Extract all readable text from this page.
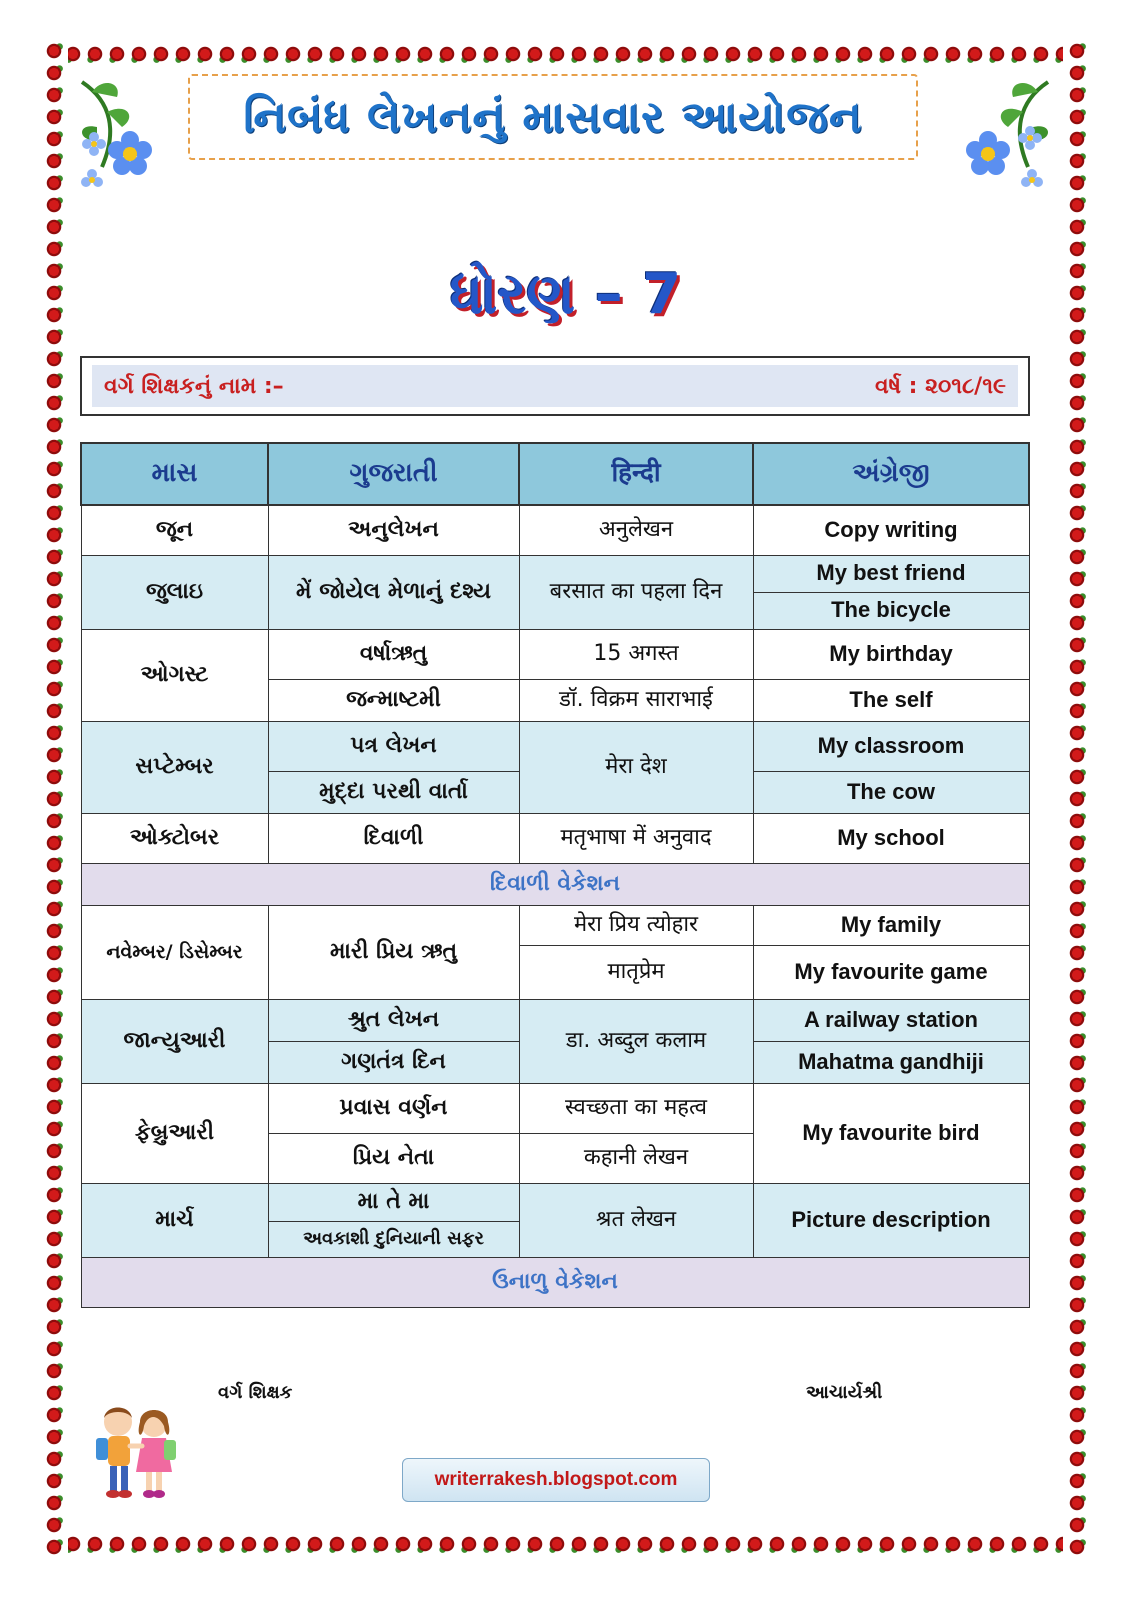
નિબંધ લેખનનું માસવાર આયોજન
ધોરણ – 7
વર્ગ શિક્ષકનું નામ :–	વર્ષ : ૨૦૧૮/૧૯
માસ	ગુજરાતી	हिन्दी	અંગ્રેજી
જૂન	અનુલેખન	अनुलेखन	Copy writing
જુલાઇ	મેં જોયેલ મેળાનું દશ્ય	बरसात का पहला दिन	My best friend
			The bicycle
ઓગસ્ટ	વર્ષાઋતુ	15 अगस्त	My birthday
	જન્માષ્ટમી	डॉ. विक्रम साराभाई	The self
સપ્ટેમ્બર	પત્ર લેખન	मेरा देश	My classroom
	મુદ્દા પરથી વાર્તા		The cow
ઓક્ટોબર	દિવાળી	मतृभाषा में अनुवाद	My school
દિવાળી વેકેશન			
નવેમ્બર/ ડિસેમ્બર	મારી પ્રિય ઋતુ	मेरा प्रिय त्योहार	My family
		मातृप्रेम	My favourite game
જાન્યુઆરી	શ્રુત લેખન	डा. अब्दुल कलाम	A railway station
	ગણતંત્ર દિન		Mahatma gandhiji
ફેબ્રુઆરી	પ્રવાસ વર્ણન	स्वच्छता का महत्व	My favourite bird
	પ્રિય નેતા	कहानी लेखन	
માર્ચ	મા તે મા	श्रत लेखन	Picture description
	અવકાશી દુનિયાની સફર		
ઉનાળુ વેકેશન			
વર્ગ શિક્ષક	આચાર્યશ્રી
writerrakesh.blogspot.com
